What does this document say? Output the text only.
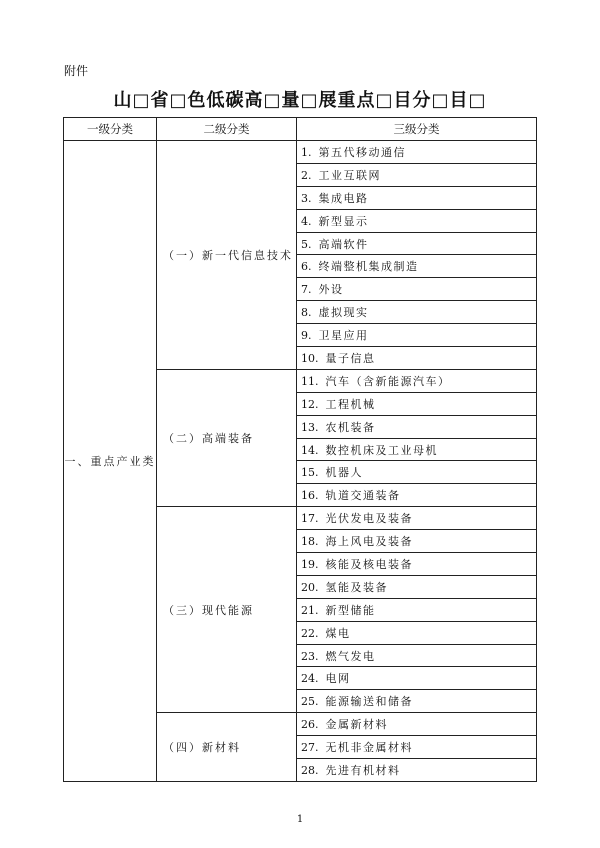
附件
山□省□色低碳高□量□展重点□目分□目□
一级分类	二级分类	三级分类
一、重点产业类	（一）新一代信息技术	1. 第五代移动通信
		2. 工业互联网
		3. 集成电路
		4. 新型显示
		5. 高端软件
		6. 终端整机集成制造
		7. 外设
		8. 虚拟现实
		9. 卫星应用
		10. 量子信息
	（二）高端装备	11. 汽车（含新能源汽车）
		12. 工程机械
		13. 农机装备
		14. 数控机床及工业母机
		15. 机器人
		16. 轨道交通装备
	（三）现代能源	17. 光伏发电及装备
		18. 海上风电及装备
		19. 核能及核电装备
		20. 氢能及装备
		21. 新型储能
		22. 煤电
		23. 燃气发电
		24. 电网
		25. 能源输送和储备
	（四）新材料	26. 金属新材料
		27. 无机非金属材料
		28. 先进有机材料
1
